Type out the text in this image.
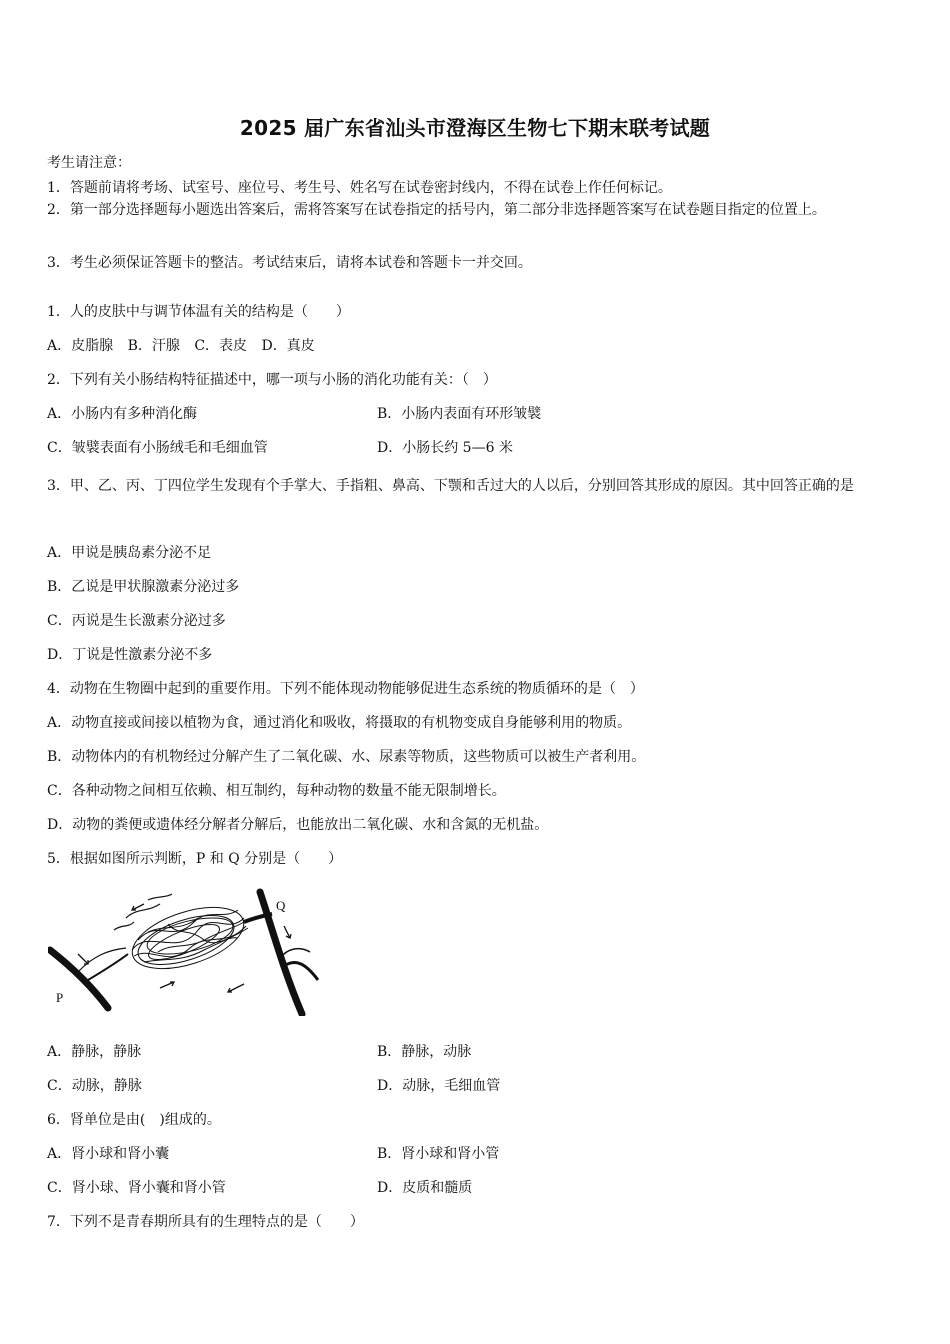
2025 届广东省汕头市澄海区生物七下期末联考试题
考生请注意：
1．答题前请将考场、试室号、座位号、考生号、姓名写在试卷密封线内，不得在试卷上作任何标记。
2．第一部分选择题每小题选出答案后，需将答案写在试卷指定的括号内，第二部分非选择题答案写在试卷题目指定的位置上。
3．考生必须保证答题卡的整洁。考试结束后，请将本试卷和答题卡一并交回。
1．人的皮肤中与调节体温有关的结构是（　　）
A．皮脂腺 B．汗腺 C．表皮 D．真皮
2．下列有关小肠结构特征描述中，哪一项与小肠的消化功能有关：（　）
A．小肠内有多种消化酶	B．小肠内表面有环形皱襞
C．皱襞表面有小肠绒毛和毛细血管	D．小肠长约 5—6 米
3．甲、乙、丙、丁四位学生发现有个手掌大、手指粗、鼻高、下颚和舌过大的人以后，分别回答其形成的原因。其中回答正确的是
A．甲说是胰岛素分泌不足
B．乙说是甲状腺激素分泌过多
C．丙说是生长激素分泌过多
D．丁说是性激素分泌不多
4．动物在生物圈中起到的重要作用。下列不能体现动物能够促进生态系统的物质循环的是（　）
A．动物直接或间接以植物为食，通过消化和吸收，将摄取的有机物变成自身能够利用的物质。
B．动物体内的有机物经过分解产生了二氧化碳、水、尿素等物质，这些物质可以被生产者利用。
C．各种动物之间相互依赖、相互制约，每种动物的数量不能无限制增长。
D．动物的粪便或遗体经分解者分解后，也能放出二氧化碳、水和含氮的无机盐。
5．根据如图所示判断，P 和 Q 分别是（　　）
P
Q
A．静脉，静脉	B．静脉，动脉
C．动脉，静脉	D．动脉，毛细血管
6．肾单位是由(　)组成的。
A．肾小球和肾小囊	B．肾小球和肾小管
C．肾小球、肾小囊和肾小管	D．皮质和髓质
7．下列不是青春期所具有的生理特点的是（　　）
